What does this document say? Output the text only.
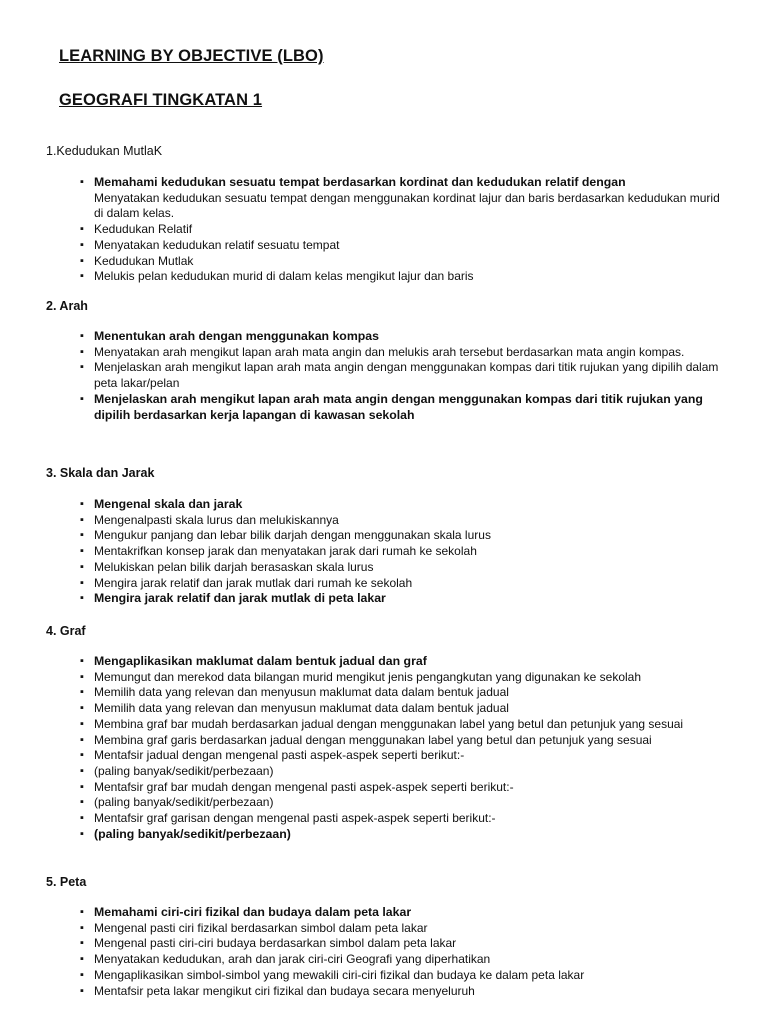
LEARNING BY OBJECTIVE (LBO)
GEOGRAFI TINGKATAN 1

1.Kedudukan MutlaK

▪ Memahami kedudukan sesuatu tempat berdasarkan kordinat dan kedudukan relatif dengan
Menyatakan kedudukan sesuatu tempat dengan menggunakan kordinat lajur dan baris berdasarkan kedudukan murid di dalam kelas.
▪ Kedudukan Relatif
▪ Menyatakan kedudukan relatif sesuatu tempat
▪ Kedudukan Mutlak
▪ Melukis pelan kedudukan murid di dalam kelas mengikut lajur dan baris

2. Arah

▪ Menentukan arah dengan menggunakan kompas
▪ Menyatakan arah mengikut lapan arah mata angin dan melukis arah tersebut berdasarkan mata angin kompas.
▪ Menjelaskan arah mengikut lapan arah mata angin dengan menggunakan kompas dari titik rujukan yang dipilih dalam peta lakar/pelan
▪ Menjelaskan arah mengikut lapan arah mata angin dengan menggunakan kompas dari titik rujukan yang dipilih berdasarkan kerja lapangan di kawasan sekolah

3. Skala dan Jarak

▪ Mengenal skala dan jarak
▪ Mengenalpasti skala lurus dan melukiskannya
▪ Mengukur panjang dan lebar bilik darjah dengan menggunakan skala lurus
▪ Mentakrifkan konsep jarak dan menyatakan jarak dari rumah ke sekolah
▪ Melukiskan pelan bilik darjah berasaskan skala lurus
▪ Mengira jarak relatif dan jarak mutlak dari rumah ke sekolah
▪ Mengira jarak relatif dan jarak mutlak di peta lakar

4. Graf

▪ Mengaplikasikan maklumat dalam bentuk jadual dan graf
▪ Memungut dan merekod data bilangan murid mengikut jenis pengangkutan yang digunakan ke sekolah
▪ Memilih data yang relevan dan menyusun maklumat data dalam bentuk jadual
▪ Memilih data yang relevan dan menyusun maklumat data dalam bentuk jadual
▪ Membina graf bar mudah berdasarkan jadual dengan menggunakan label yang betul dan petunjuk yang sesuai
▪ Membina graf garis berdasarkan jadual dengan menggunakan label yang betul dan petunjuk yang sesuai
▪ Mentafsir jadual dengan mengenal pasti aspek-aspek seperti berikut:-
▪ (paling banyak/sedikit/perbezaan)
▪ Mentafsir graf bar mudah dengan mengenal pasti aspek-aspek seperti berikut:-
▪ (paling banyak/sedikit/perbezaan)
▪ Mentafsir graf garisan dengan mengenal pasti aspek-aspek seperti berikut:-
▪ (paling banyak/sedikit/perbezaan)

5. Peta

▪ Memahami ciri-ciri fizikal dan budaya dalam peta lakar
▪ Mengenal pasti ciri fizikal berdasarkan simbol dalam peta lakar
▪ Mengenal pasti ciri-ciri budaya berdasarkan simbol dalam peta lakar
▪ Menyatakan kedudukan, arah dan jarak ciri-ciri Geografi yang diperhatikan
▪ Mengaplikasikan simbol-simbol yang mewakili ciri-ciri fizikal dan budaya ke dalam peta lakar
▪ Mentafsir peta lakar mengikut ciri fizikal dan budaya secara menyeluruh
